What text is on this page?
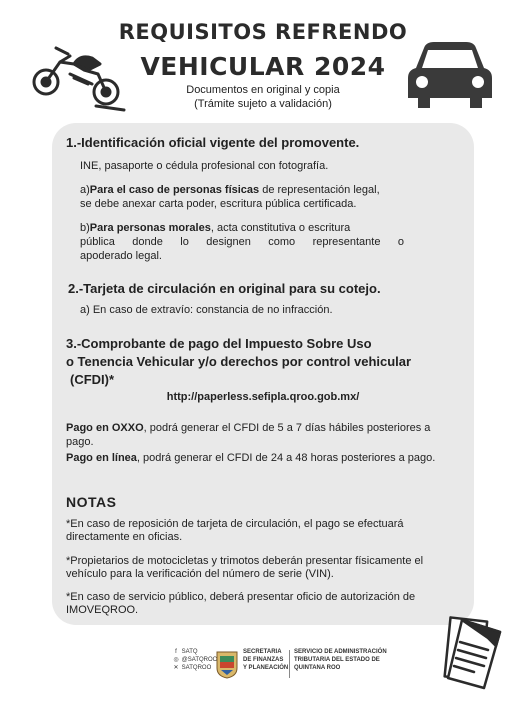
REQUISITOS REFRENDO
VEHICULAR 2024
Documentos en original y copia
(Trámite sujeto a validación)
1.-Identificación oficial vigente del promovente.
INE, pasaporte o cédula profesional con fotografía.
a)Para el caso de personas físicas de representación legal,
se debe anexar carta poder, escritura pública certificada.
b)Para personas morales, acta constitutiva o escritura
pública donde lo designen como representante o
apoderado legal.
2.-Tarjeta de circulación en original para su cotejo.
a) En caso de extravío: constancia de no infracción.
3.-Comprobante de pago del Impuesto Sobre Uso
o Tenencia Vehicular y/o derechos por control vehicular
(CFDI)*
http://paperless.sefipla.qroo.gob.mx/
Pago en OXXO, podrá generar el CFDI de 5 a 7 días hábiles posteriores a
pago.
Pago en línea, podrá generar el CFDI de 24 a 48 horas posteriores a pago.
NOTAS
*En caso de reposición de tarjeta de circulación, el pago se efectuará
directamente en oficias.
*Propietarios de motocicletas y trimotos deberán presentar físicamente el
vehículo para la verificación del número de serie (VIN).
*En caso de servicio público, deberá presentar oficio de autorización de
IMOVEQROO.
f SATQ
◎ @SATQROO
✕ SATQROO
SECRETARIA
DE FINANZAS
Y PLANEACIÓN
SERVICIO DE ADMINISTRACIÓN
TRIBUTARIA DEL ESTADO DE
QUINTANA ROO
